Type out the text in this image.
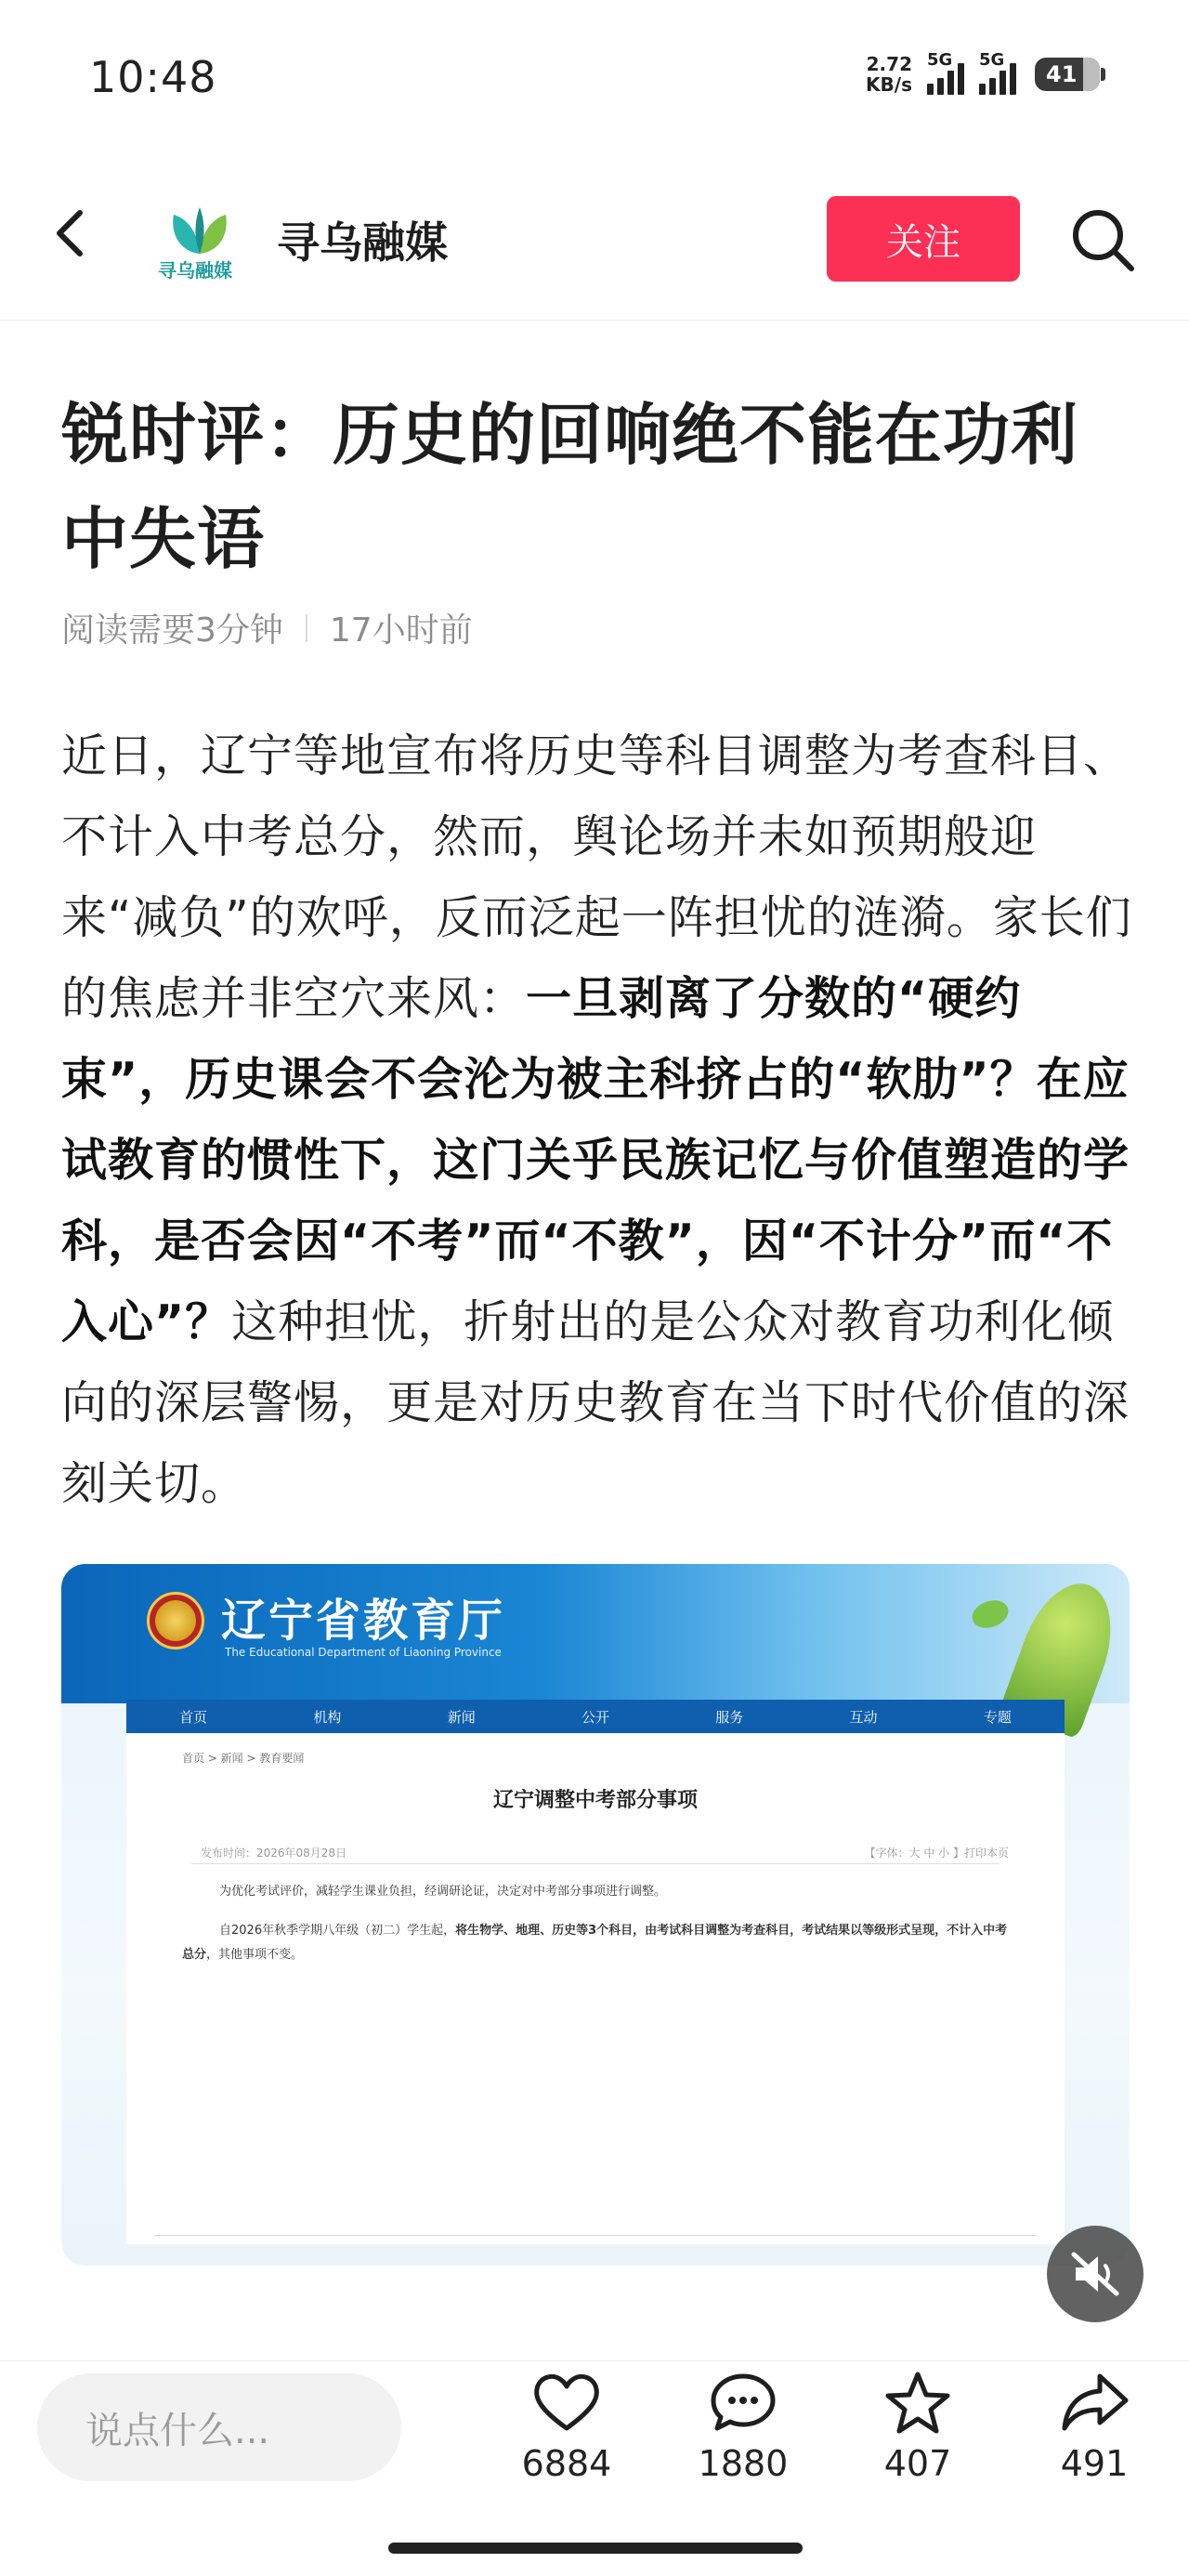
10:48	2.72
KB/s
5G 5G
41
寻乌融媒
寻乌融媒	关注
锐时评：历史的回响绝不能在功利中失语
阅读需要3分钟 17小时前

近日，辽宁等地宣布将历史等科目调整为考查科目、不计入中考总分，然而，舆论场并未如预期般迎来“减负”的欢呼，反而泛起一阵担忧的涟漪。家长们的焦虑并非空穴来风：一旦剥离了分数的“硬约束”，历史课会不会沦为被主科挤占的“软肋”？在应试教育的惯性下，这门关乎民族记忆与价值塑造的学科，是否会因“不考”而“不教”，因“不计分”而“不入心”？这种担忧，折射出的是公众对教育功利化倾向的深层警惕，更是对历史教育在当下时代价值的深刻关切。

辽宁省教育厅
The Educational Department of Liaoning Province
首页	机构	新闻	公开	服务	互动	专题
首页 > 新闻 > 教育要闻
辽宁调整中考部分事项
发布时间：2026年08月28日	【字体：大 中 小 】打印本页
为优化考试评价，减轻学生课业负担，经调研论证，决定对中考部分事项进行调整。
自2026年秋季学期八年级（初二）学生起，将生物学、地理、历史等3个科目，由考试科目调整为考查科目，考试结果以等级形式呈现，不计入中考总分，其他事项不变。
说点什么...
6884	1880	407	491
